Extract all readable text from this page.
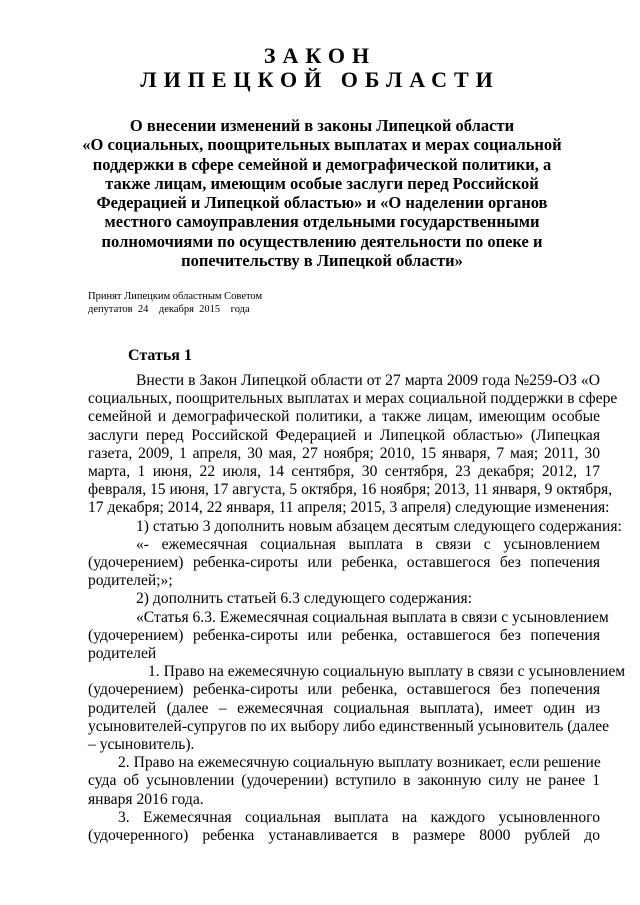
ЗАКОН
ЛИПЕЦКОЙ ОБЛАСТИ
О внесении изменений в законы Липецкой области
«О социальных, поощрительных выплатах и мерах социальной
поддержки в сфере семейной и демографической политики, а
также лицам, имеющим особые заслуги перед Российской
Федерацией и Липецкой областью» и «О наделении органов
местного самоуправления отдельными государственными
полномочиями по осуществлению деятельности по опеке и
попечительству в Липецкой области»
Принят Липецким областным Советом
депутатов  24    декабря  2015    года
Статья 1
Внести в Закон Липецкой области от 27 марта 2009 года №259-ОЗ «О
социальных, поощрительных выплатах и мерах социальной поддержки в сфере
семейной и демографической политики, а также лицам, имеющим особые
заслуги перед Российской Федерацией и Липецкой областью» (Липецкая
газета, 2009, 1 апреля, 30 мая, 27 ноября; 2010, 15 января, 7 мая; 2011, 30
марта, 1 июня, 22 июля, 14 сентября, 30 сентября, 23 декабря; 2012, 17
февраля, 15 июня, 17 августа, 5 октября, 16 ноября; 2013, 11 января, 9 октября,
17 декабря; 2014, 22 января, 11 апреля; 2015, 3 апреля) следующие изменения:
1) статью 3 дополнить новым абзацем десятым следующего содержания:
«- ежемесячная социальная выплата в связи с усыновлением
(удочерением) ребенка-сироты или ребенка, оставшегося без попечения
родителей;»;
2) дополнить статьей 6.3 следующего содержания:
«Статья 6.3. Ежемесячная социальная выплата в связи с усыновлением
(удочерением) ребенка-сироты или ребенка, оставшегося без попечения
родителей
1. Право на ежемесячную социальную выплату в связи с усыновлением
(удочерением) ребенка-сироты или ребенка, оставшегося без попечения
родителей (далее – ежемесячная социальная выплата), имеет один из
усыновителей-супругов по их выбору либо единственный усыновитель (далее
– усыновитель).
2. Право на ежемесячную социальную выплату возникает, если решение
суда об усыновлении (удочерении) вступило в законную силу не ранее 1
января 2016 года.
3. Ежемесячная социальная выплата на каждого усыновленного
(удочеренного) ребенка устанавливается в размере 8000 рублей до
